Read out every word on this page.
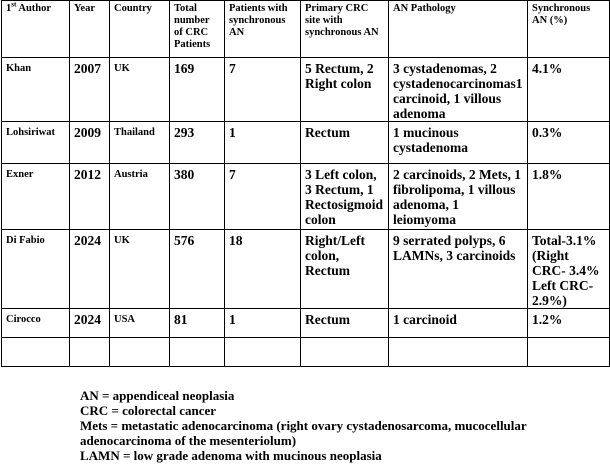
1st Author	Year	Country	Total number of CRC Patients	Patients with synchronous AN	Primary CRC site with synchronous AN	AN Pathology	Synchronous AN (%)
Khan	2007	UK	169	7	5 Rectum, 2 Right colon	3 cystadenomas, 2 cystadenocarcinomas1 carcinoid, 1 villous adenoma	4.1%
Lohsiriwat	2009	Thailand	293	1	Rectum	1 mucinous cystadenoma	0.3%
Exner	2012	Austria	380	7	3 Left colon, 3 Rectum, 1 Rectosigmoid colon	2 carcinoids, 2 Mets, 1 fibrolipoma, 1 villous adenoma, 1 leiomyoma	1.8%
Di Fabio	2024	UK	576	18	Right/Left colon, Rectum	9 serrated polyps, 6 LAMNs, 3 carcinoids	Total-3.1% (Right CRC- 3.4% Left CRC- 2.9%)
Cirocco	2024	USA	81	1	Rectum	1 carcinoid	1.2%

AN = appendiceal neoplasia
CRC = colorectal cancer
Mets = metastatic adenocarcinoma (right ovary cystadenosarcoma, mucocellular adenocarcinoma of the mesenteriolum)
LAMN = low grade adenoma with mucinous neoplasia
